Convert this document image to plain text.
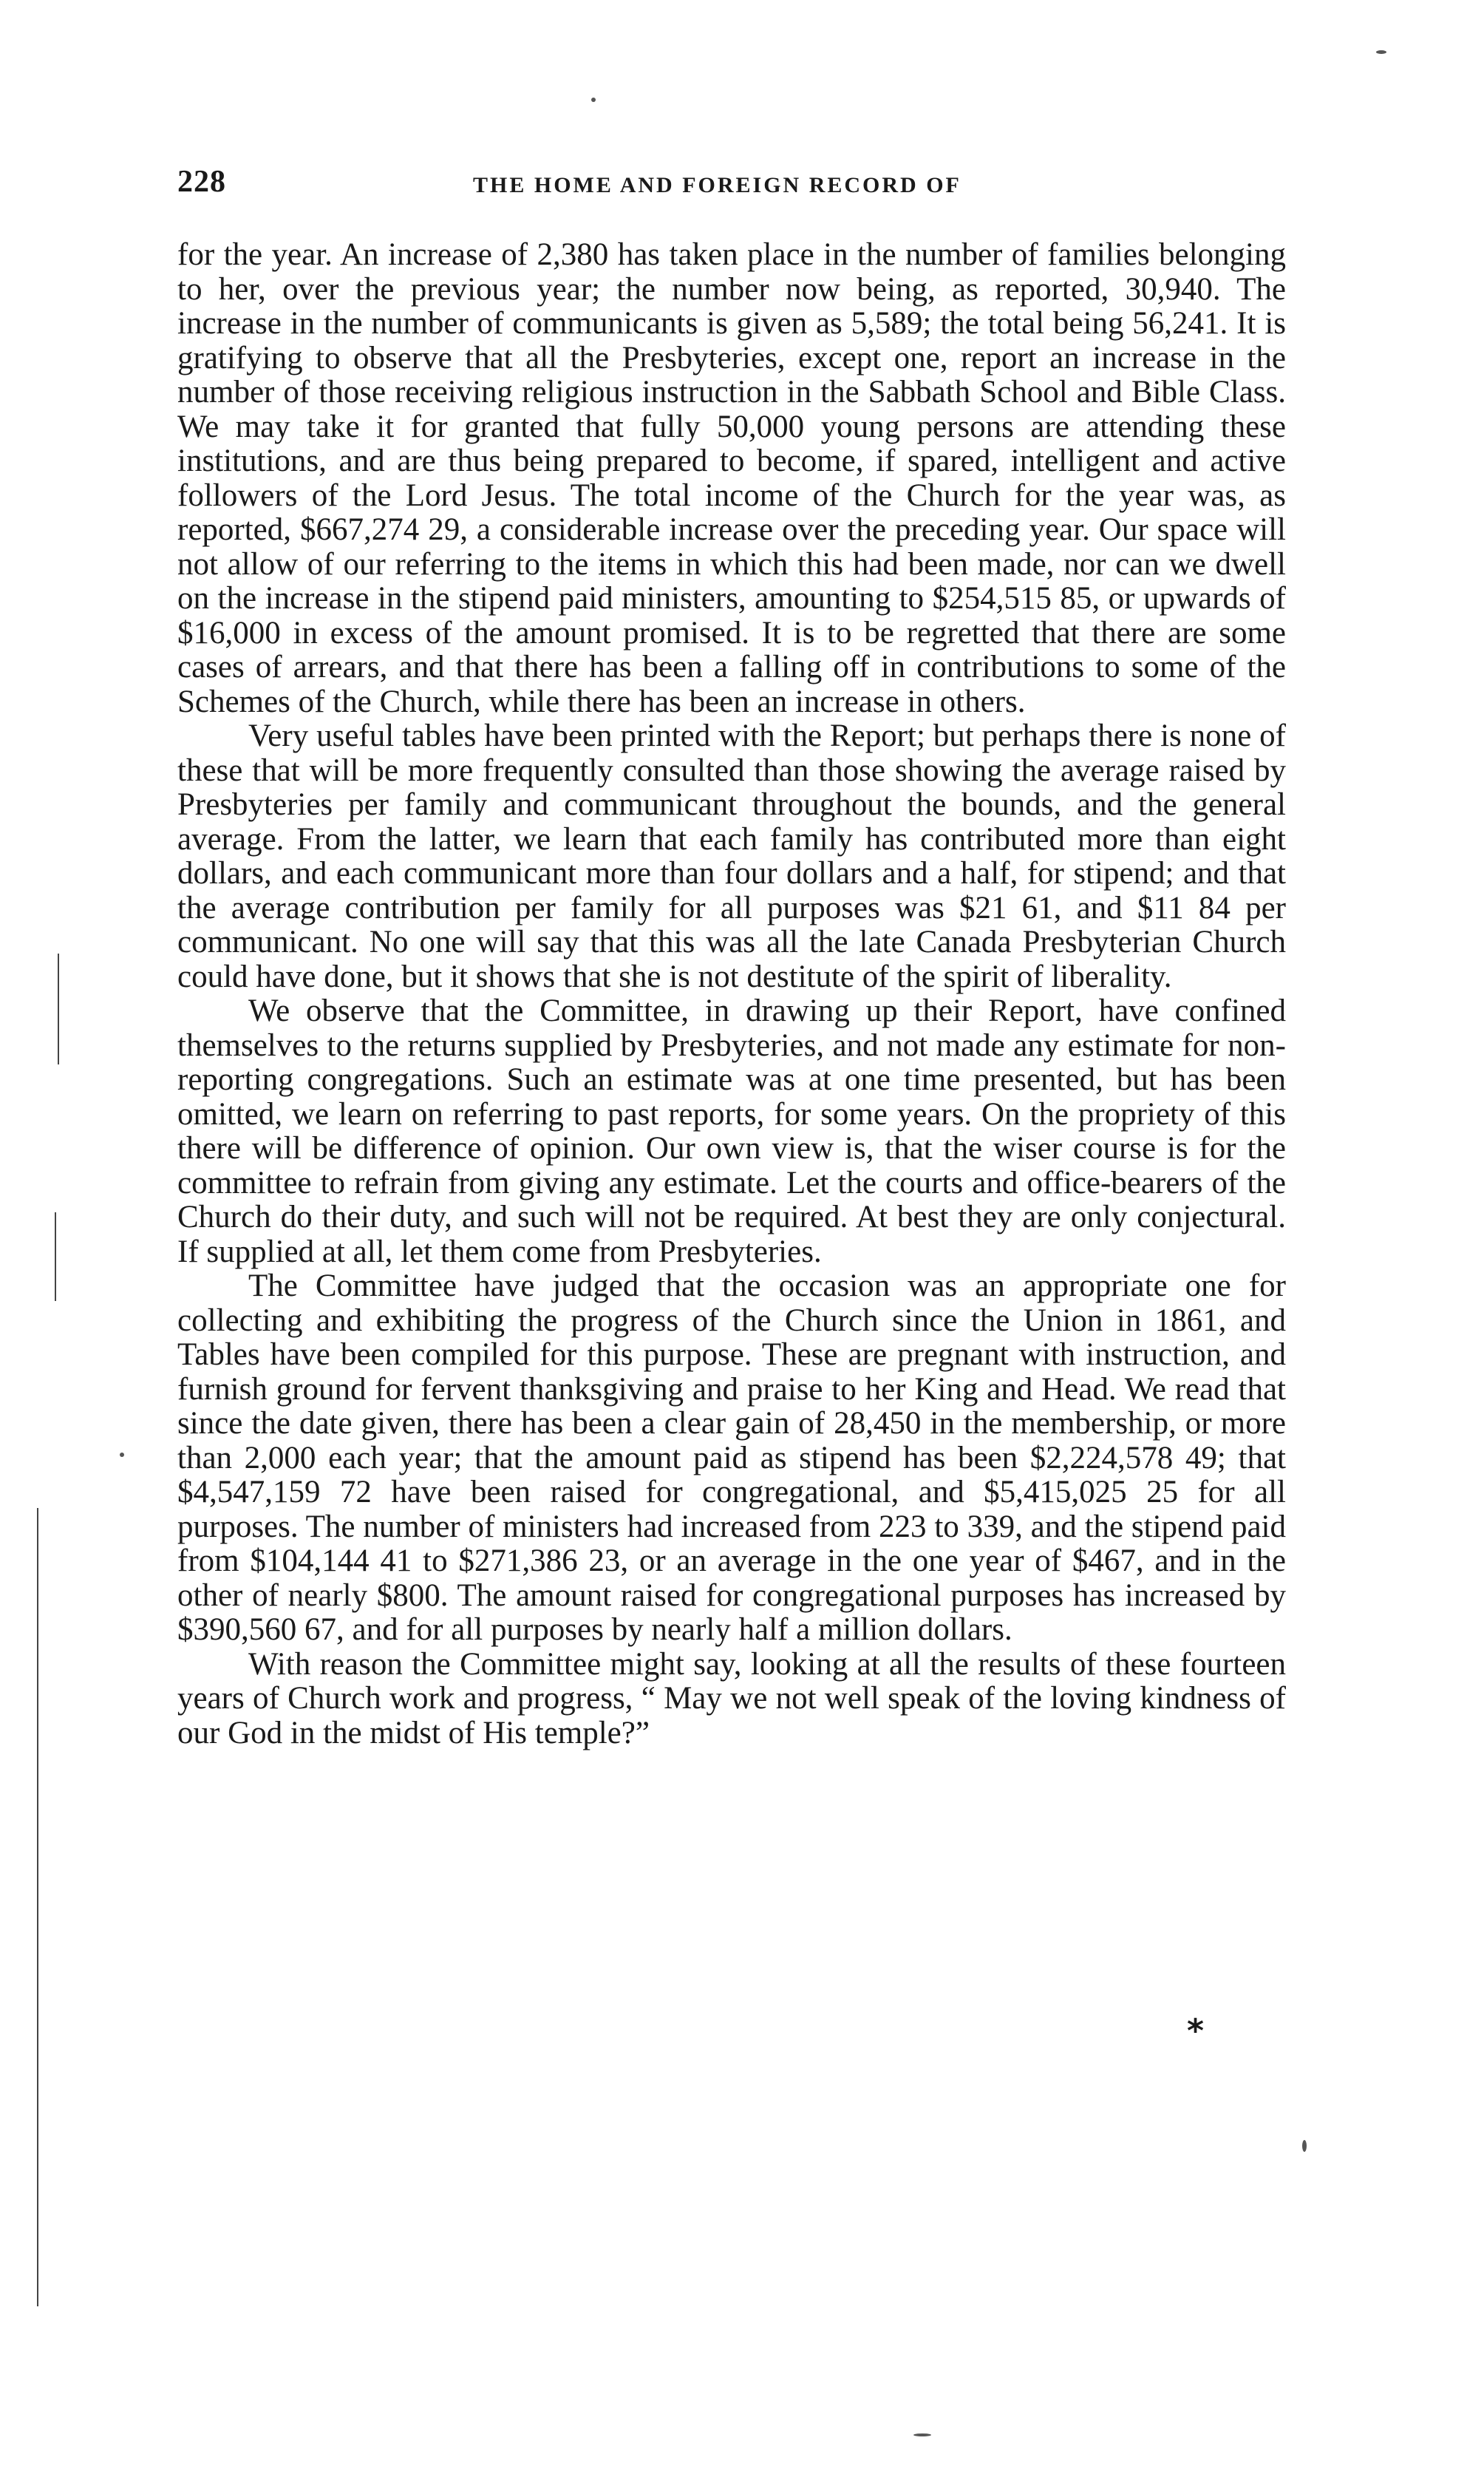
228	THE HOME AND FOREIGN RECORD OF

for the year. An increase of 2,380 has taken place in the number of families belonging to her, over the previous year; the number now being, as reported, 30,940. The increase in the number of communicants is given as 5,589; the total being 56,241. It is gratifying to observe that all the Presbyteries, except one, report an increase in the number of those receiving religious instruction in the Sabbath School and Bible Class. We may take it for granted that fully 50,000 young persons are attending these institutions, and are thus being prepared to become, if spared, intelligent and active followers of the Lord Jesus. The total income of the Church for the year was, as reported, $667,274 29, a considerable increase over the preceding year. Our space will not allow of our referring to the items in which this had been made, nor can we dwell on the increase in the stipend paid ministers, amounting to $254,515 85, or upwards of $16,000 in excess of the amount promised. It is to be regretted that there are some cases of arrears, and that there has been a falling off in contributions to some of the Schemes of the Church, while there has been an increase in others.

Very useful tables have been printed with the Report; but perhaps there is none of these that will be more frequently consulted than those showing the average raised by Presbyteries per family and communicant throughout the bounds, and the general average. From the latter, we learn that each family has contributed more than eight dollars, and each communicant more than four dollars and a half, for stipend; and that the average contribution per family for all purposes was $21 61, and $11 84 per communicant. No one will say that this was all the late Canada Presbyterian Church could have done, but it shows that she is not destitute of the spirit of liberality.

We observe that the Committee, in drawing up their Report, have confined themselves to the returns supplied by Presbyteries, and not made any estimate for non-reporting congregations. Such an estimate was at one time presented, but has been omitted, we learn on referring to past reports, for some years. On the propriety of this there will be difference of opinion. Our own view is, that the wiser course is for the committee to refrain from giving any estimate. Let the courts and office-bearers of the Church do their duty, and such will not be required. At best they are only conjectural. If supplied at all, let them come from Presbyteries.

The Committee have judged that the occasion was an appropriate one for collecting and exhibiting the progress of the Church since the Union in 1861, and Tables have been compiled for this purpose. These are pregnant with instruction, and furnish ground for fervent thanksgiving and praise to her King and Head. We read that since the date given, there has been a clear gain of 28,450 in the membership, or more than 2,000 each year; that the amount paid as stipend has been $2,224,578 49; that $4,547,159 72 have been raised for congregational, and $5,415,025 25 for all purposes. The number of ministers had increased from 223 to 339, and the stipend paid from $104,144 41 to $271,386 23, or an average in the one year of $467, and in the other of nearly $800. The amount raised for congregational purposes has increased by $390,560 67, and for all purposes by nearly half a million dollars.

With reason the Committee might say, looking at all the results of these fourteen years of Church work and progress, “ May we not well speak of the loving kindness of our God in the midst of His temple?”

*
